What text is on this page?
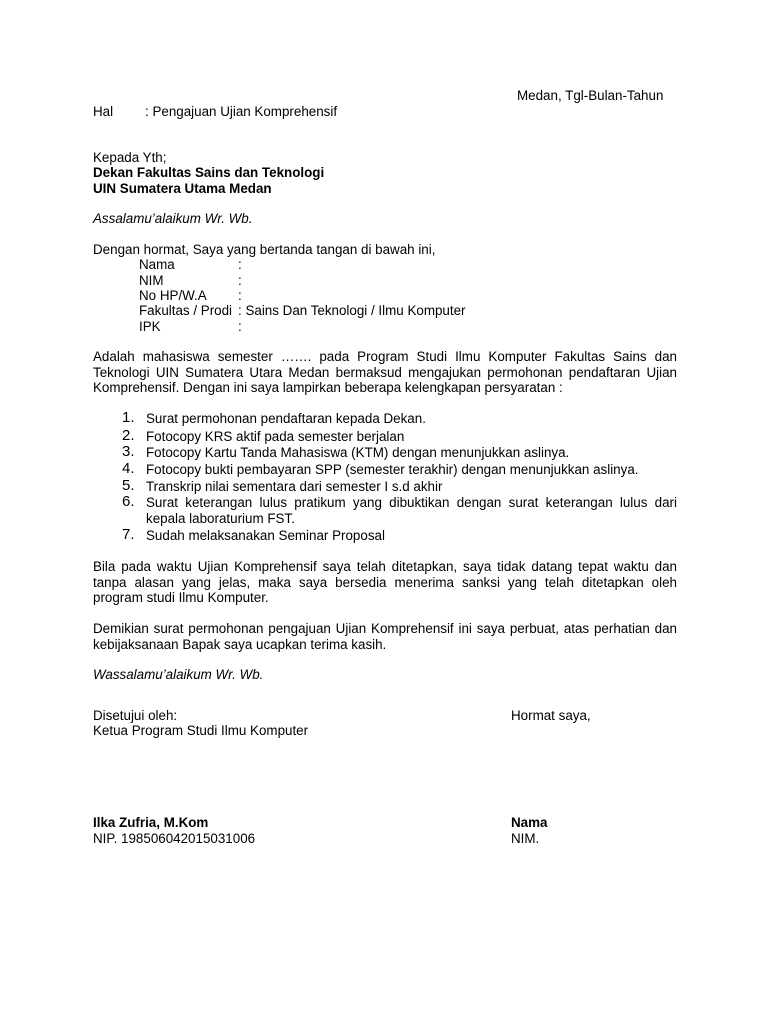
Medan, Tgl-Bulan-Tahun
Hal : Pengajuan Ujian Komprehensif
Kepada Yth;
Dekan Fakultas Sains dan Teknologi
UIN Sumatera Utama Medan
Assalamu’alaikum Wr. Wb.
Dengan hormat, Saya yang bertanda tangan di bawah ini,
Nama	:
NIM	:
No HP/W.A :
Fakultas / Prodi : Sains Dan Teknologi / Ilmu Komputer
IPK	:
Adalah mahasiswa semester ……. pada Program Studi Ilmu Komputer Fakultas Sains dan Teknologi UIN Sumatera Utara Medan bermaksud mengajukan permohonan pendaftaran Ujian Komprehensif. Dengan ini saya lampirkan beberapa kelengkapan persyaratan :
1. Surat permohonan pendaftaran kepada Dekan.
2. Fotocopy KRS aktif pada semester berjalan
3. Fotocopy Kartu Tanda Mahasiswa (KTM) dengan menunjukkan aslinya.
4. Fotocopy bukti pembayaran SPP (semester terakhir) dengan menunjukkan aslinya.
5. Transkrip nilai sementara dari semester I s.d akhir
6. Surat keterangan lulus pratikum yang dibuktikan dengan surat keterangan lulus dari kepala laboraturium FST.
7. Sudah melaksanakan Seminar Proposal
Bila pada waktu Ujian Komprehensif saya telah ditetapkan, saya tidak datang tepat waktu dan tanpa alasan yang jelas, maka saya bersedia menerima sanksi yang telah ditetapkan oleh program studi Ilmu Komputer.
Demikian surat permohonan pengajuan Ujian Komprehensif ini saya perbuat, atas perhatian dan kebijaksanaan Bapak saya ucapkan terima kasih.
Wassalamu’alaikum Wr. Wb.
Disetujui oleh:
Ketua Program Studi Ilmu Komputer
Ilka Zufria, M.Kom
NIP. 198506042015031006
Hormat saya,
Nama
NIM.
